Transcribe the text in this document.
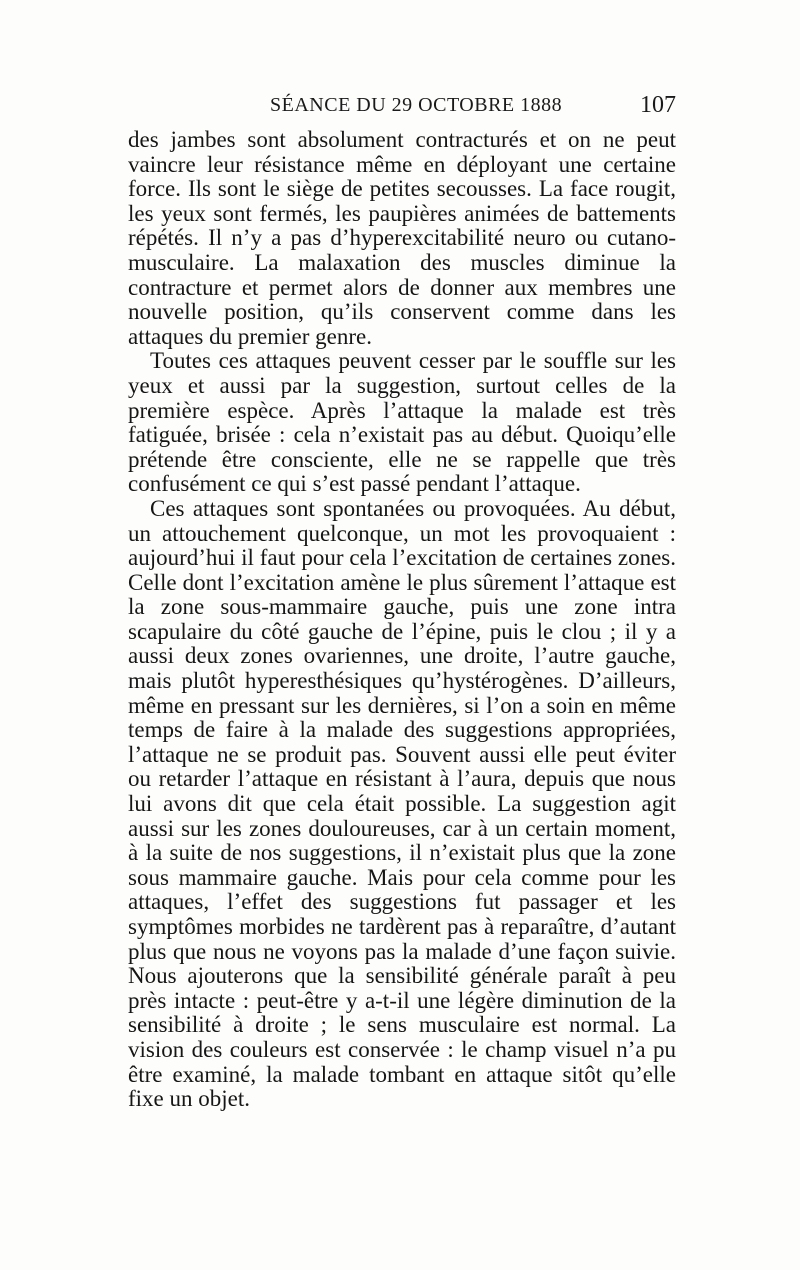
SÉANCE DU 29 OCTOBRE 1888	107

des jambes sont absolument contracturés et on ne peut vaincre leur résistance même en déployant une certaine force. Ils sont le siège de petites secousses. La face rougit, les yeux sont fermés, les paupières animées de battements répétés. Il n’y a pas d’hyperexcitabilité neuro ou cutano-musculaire. La malaxation des muscles diminue la contracture et permet alors de donner aux membres une nouvelle position, qu’ils conservent comme dans les attaques du premier genre.

Toutes ces attaques peuvent cesser par le souffle sur les yeux et aussi par la suggestion, surtout celles de la première espèce. Après l’attaque la malade est très fatiguée, brisée : cela n’existait pas au début. Quoiqu’elle prétende être consciente, elle ne se rappelle que très confusément ce qui s’est passé pendant l’attaque.

Ces attaques sont spontanées ou provoquées. Au début, un attouchement quelconque, un mot les provoquaient : aujourd’hui il faut pour cela l’excitation de certaines zones. Celle dont l’excitation amène le plus sûrement l’attaque est la zone sous-mammaire gauche, puis une zone intra scapulaire du côté gauche de l’épine, puis le clou ; il y a aussi deux zones ovariennes, une droite, l’autre gauche, mais plutôt hyperesthésiques qu’hystérogènes. D’ailleurs, même en pressant sur les dernières, si l’on a soin en même temps de faire à la malade des suggestions appropriées, l’attaque ne se produit pas. Souvent aussi elle peut éviter ou retarder l’attaque en résistant à l’aura, depuis que nous lui avons dit que cela était possible. La suggestion agit aussi sur les zones douloureuses, car à un certain moment, à la suite de nos suggestions, il n’existait plus que la zone sous mammaire gauche. Mais pour cela comme pour les attaques, l’effet des suggestions fut passager et les symptômes morbides ne tardèrent pas à reparaître, d’autant plus que nous ne voyons pas la malade d’une façon suivie. Nous ajouterons que la sensibilité générale paraît à peu près intacte : peut-être y a-t-il une légère diminution de la sensibilité à droite ; le sens musculaire est normal. La vision des couleurs est conservée : le champ visuel n’a pu être examiné, la malade tombant en attaque sitôt qu’elle fixe un objet.
